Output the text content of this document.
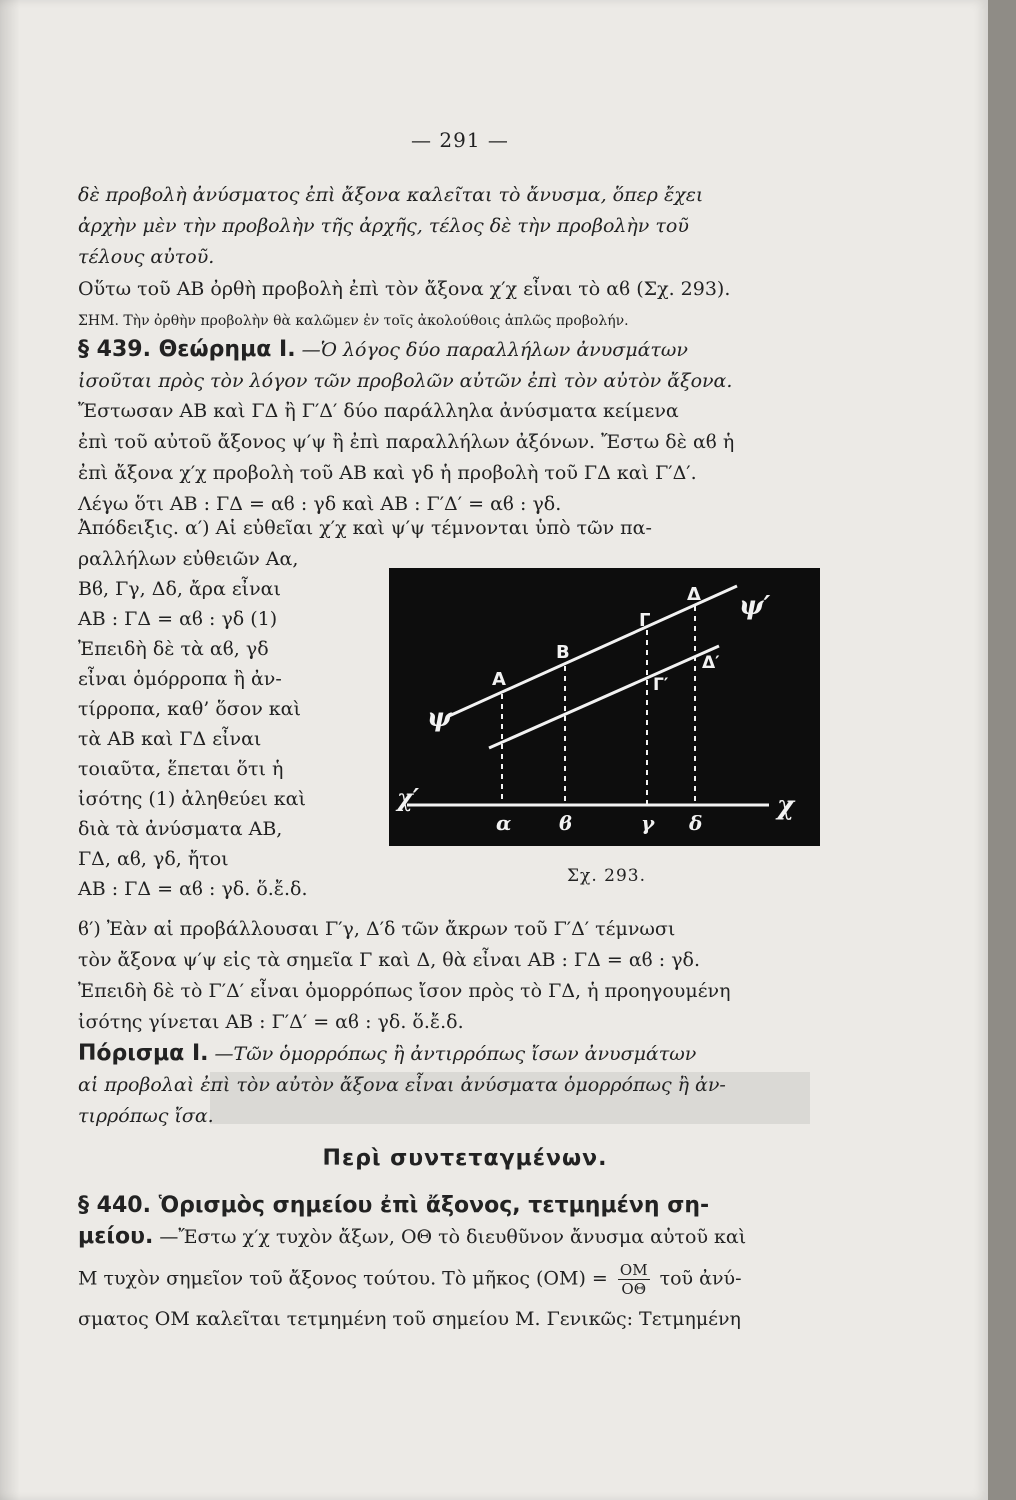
— 291 —
δὲ προβολὴ ἀνύσματος ἐπὶ ἄξονα καλεῖται τὸ ἄνυσμα, ὅπερ ἔχει
ἀρχὴν μὲν τὴν προβολὴν τῆς ἀρχῆς, τέλος δὲ τὴν προβολὴν τοῦ
τέλους αὐτοῦ.
Οὕτω τοῦ AB ὀρθὴ προβολὴ ἐπὶ τὸν ἄξονα χ′χ εἶναι τὸ αϐ (Σχ. 293).
ΣΗΜ. Τὴν ὀρθὴν προβολὴν θὰ καλῶμεν ἐν τοῖς ἀκολούθοις ἁπλῶς προβολήν.
§ 439. Θεώρημα I. —Ὁ λόγος δύο παραλλήλων ἀνυσμάτων
ἰσοῦται πρὸς τὸν λόγον τῶν προβολῶν αὐτῶν ἐπὶ τὸν αὐτὸν ἄξονα.
Ἔστωσαν AB καὶ ΓΔ ἢ Γ′Δ′ δύο παράλληλα ἀνύσματα κείμενα
ἐπὶ τοῦ αὐτοῦ ἄξονος ψ′ψ ἢ ἐπὶ παραλλήλων ἀξόνων. Ἔστω δὲ αϐ ἡ
ἐπὶ ἄξονα χ′χ προβολὴ τοῦ AB καὶ γδ ἡ προβολὴ τοῦ ΓΔ καὶ Γ′Δ′.
Λέγω ὅτι AB : ΓΔ = αϐ : γδ καὶ AB : Γ′Δ′ = αϐ : γδ.
Ἀπόδειξις. α′) Αἱ εὐθεῖαι χ′χ καὶ ψ′ψ τέμνονται ὑπὸ τῶν πα-
ραλλήλων εὐθειῶν Aα,
Bϐ, Γγ, Δδ, ἄρα εἶναι
AB : ΓΔ = αϐ : γδ (1)
Ἐπειδὴ δὲ τὰ αϐ, γδ
εἶναι ὁμόρροπα ἢ ἀν-
τίρροπα, καθ’ ὅσον καὶ
τὰ AB καὶ ΓΔ εἶναι
τοιαῦτα, ἕπεται ὅτι ἡ
ἰσότης (1) ἀληθεύει καὶ
διὰ τὰ ἀνύσματα AB,
ΓΔ, αϐ, γδ, ἤτοι
AB : ΓΔ = αϐ : γδ. ὅ.ἔ.δ.
A
B
Γ
Δ
Γ′
Δ′
ψ
ψ′
χ
χ′
α ϐ	γ δ
Σχ. 293.
ϐ′) Ἐὰν αἱ προβάλλουσαι Γ′γ, Δ′δ τῶν ἄκρων τοῦ Γ′Δ′ τέμνωσι
τὸν ἄξονα ψ′ψ εἰς τὰ σημεῖα Γ καὶ Δ, θὰ εἶναι AB : ΓΔ = αϐ : γδ.
Ἐπειδὴ δὲ τὸ Γ′Δ′ εἶναι ὁμορρόπως ἴσον πρὸς τὸ ΓΔ, ἡ προηγουμένη
ἰσότης γίνεται AB : Γ′Δ′ = αϐ : γδ. ὅ.ἔ.δ.
Πόρισμα I. —Τῶν ὁμορρόπως ἢ ἀντιρρόπως ἴσων ἀνυσμάτων
αἱ προβολαὶ ἐπὶ τὸν αὐτὸν ἄξονα εἶναι ἀνύσματα ὁμορρόπως ἢ ἀν-
τιρρόπως ἴσα.
Περὶ συντεταγμένων.
§ 440. Ὁρισμὸς σημείου ἐπὶ ἄξονος, τετμημένη ση-
μείου. —Ἔστω χ′χ τυχὸν ἄξων, OΘ τὸ διευθῦνον ἄνυσμα αὐτοῦ καὶ
M τυχὸν σημεῖον τοῦ ἄξονος τούτου. Τὸ μῆκος $(OM) = \frac{OM}{O\Theta}$ τοῦ ἀνύ-
σματος OM καλεῖται τετμημένη τοῦ σημείου M. Γενικῶς: Τετμημένη
